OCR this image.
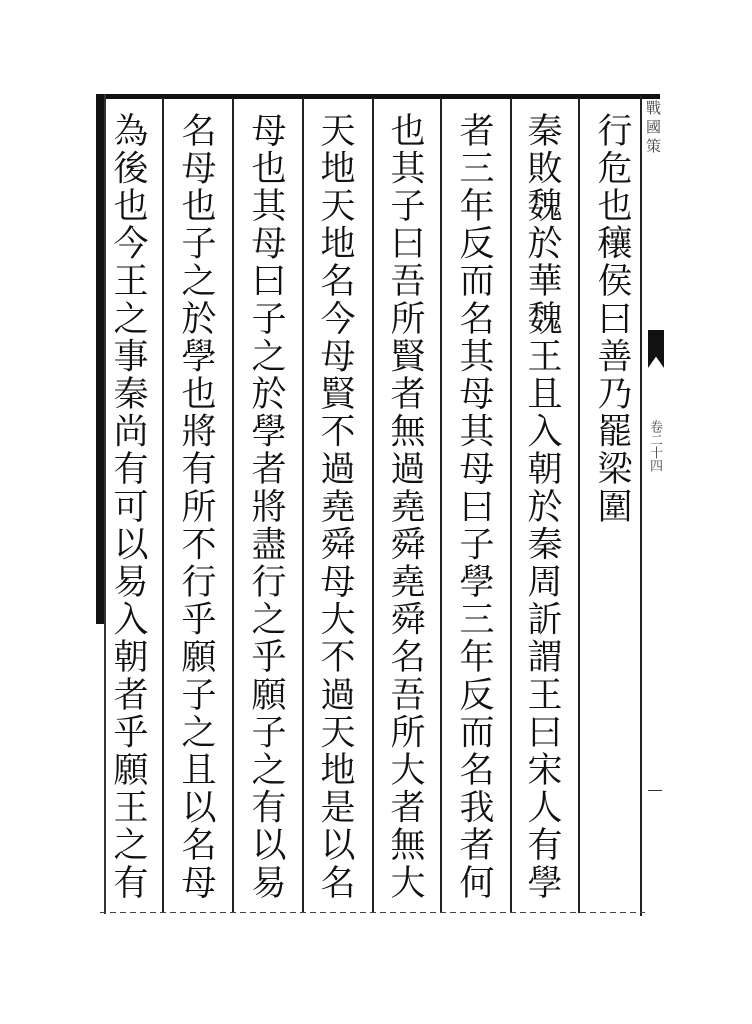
戰國策
卷二十四
行危也穰侯曰善乃罷梁圍
秦敗魏於華魏王且入朝於秦周訢謂王曰宋人有學
者三年反而名其母其母曰子學三年反而名我者何
也其子曰吾所賢者無過堯舜堯舜名吾所大者無大
天地天地名今母賢不過堯舜母大不過天地是以名
母也其母曰子之於學者將盡行之乎願子之有以易
名母也子之於學也將有所不行乎願子之且以名母
為後也今王之事秦尚有可以易入朝者乎願王之有
